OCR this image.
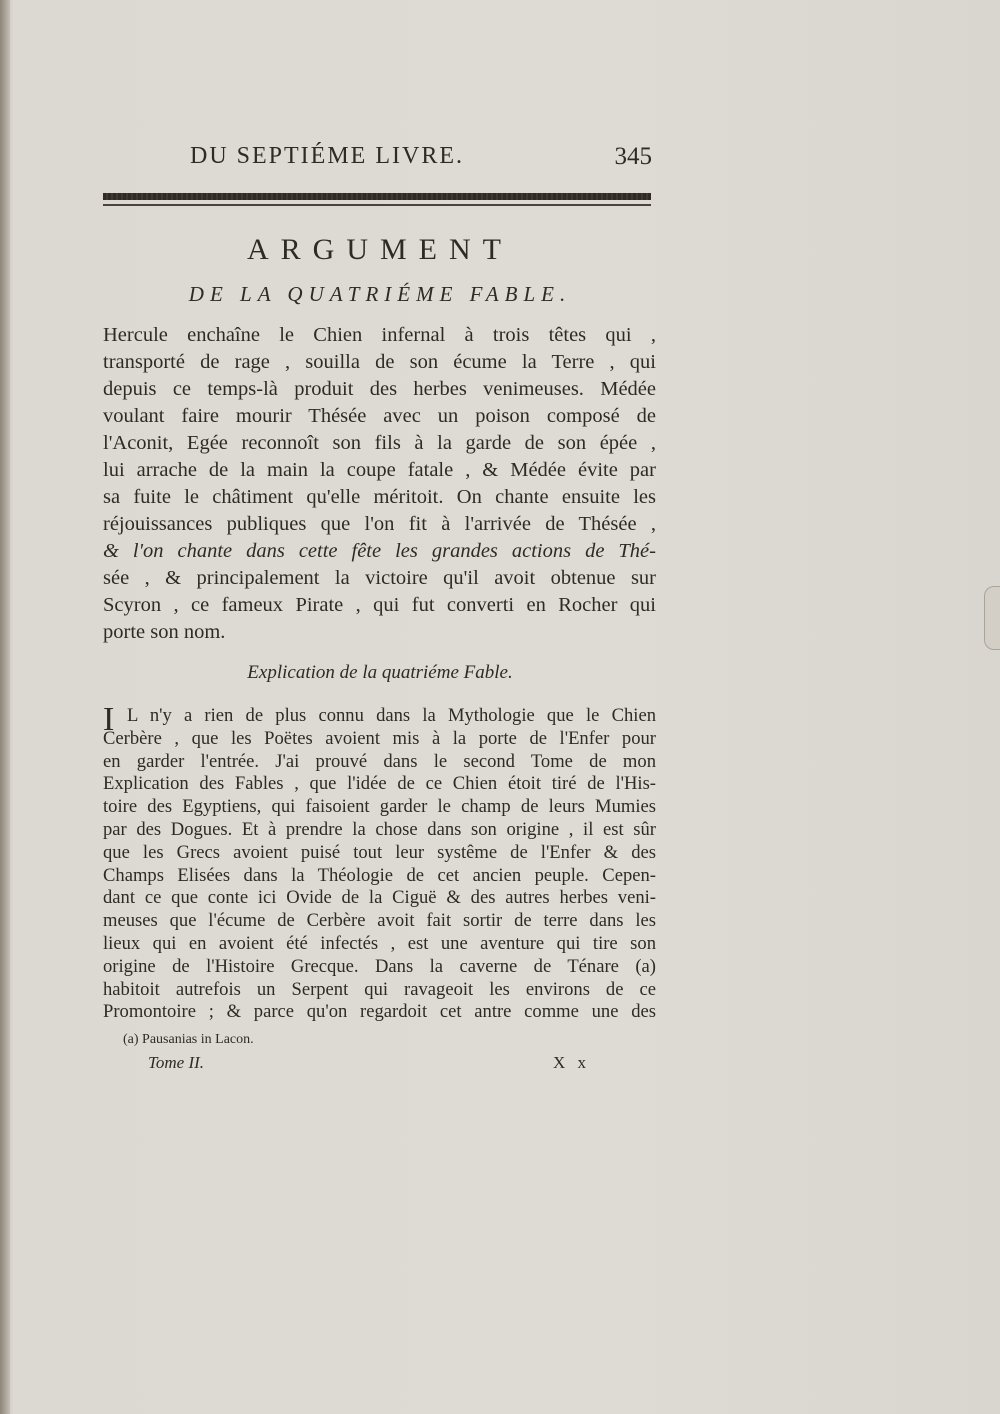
DU SEPTIÉME LIVRE.	345
ARGUMENT
DE LA QUATRIÉME FABLE.
Hercule enchaîne le Chien infernal à trois têtes qui ,
transporté de rage , souilla de son écume la Terre , qui
depuis ce temps-là produit des herbes venimeuses. Médée
voulant faire mourir Thésée avec un poison composé de
l'Aconit, Egée reconnoît son fils à la garde de son épée ,
lui arrache de la main la coupe fatale , & Médée évite par
sa fuite le châtiment qu'elle méritoit. On chante ensuite les
réjouissances publiques que l'on fit à l'arrivée de Thésée ,
& l'on chante dans cette fête les grandes actions de Thé-
sée , & principalement la victoire qu'il avoit obtenue sur
Scyron , ce fameux Pirate , qui fut converti en Rocher qui
porte son nom.
Explication de la quatriéme Fable.
I L n'y a rien de plus connu dans la Mythologie que le Chien
Cerbère , que les Poëtes avoient mis à la porte de l'Enfer pour
en garder l'entrée. J'ai prouvé dans le second Tome de mon
Explication des Fables , que l'idée de ce Chien étoit tiré de l'His-
toire des Egyptiens, qui faisoient garder le champ de leurs Mumies
par des Dogues. Et à prendre la chose dans son origine , il est sûr
que les Grecs avoient puisé tout leur systême de l'Enfer & des
Champs Elisées dans la Théologie de cet ancien peuple. Cepen-
dant ce que conte ici Ovide de la Ciguë & des autres herbes veni-
meuses que l'écume de Cerbère avoit fait sortir de terre dans les
lieux qui en avoient été infectés , est une aventure qui tire son
origine de l'Histoire Grecque. Dans la caverne de Ténare (a)
habitoit autrefois un Serpent qui ravageoit les environs de ce
Promontoire ; & parce qu'on regardoit cet antre comme une des
(a) Pausanias in Lacon.
Tome II.	X x
